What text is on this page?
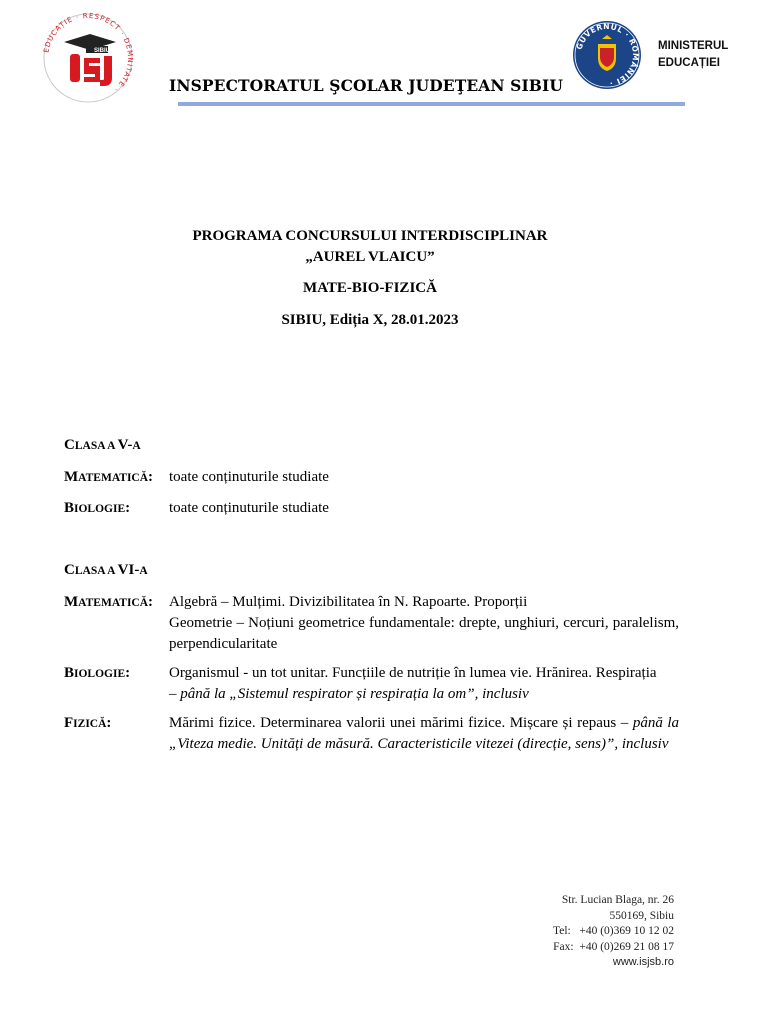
EDUCAȚIE · RESPECT · DEMNITATE ·
SIBIU
GUVERNUL · ROMÂNIEI ·
MINISTERUL
EDUCAȚIEI
INSPECTORATUL ŞCOLAR JUDEŢEAN SIBIU
PROGRAMA CONCURSULUI INTERDISCIPLINAR
„AUREL VLAICU”
MATE-BIO-FIZICĂ
SIBIU, Ediția X, 28.01.2023
CLASA A V-A
MATEMATICĂ: toate conținuturile studiate
BIOLOGIE:	toate conținuturile studiate
CLASA A VI-A
MATEMATICĂ: Algebră – Mulțimi. Divizibilitatea în N. Rapoarte. Proporții
Geometrie – Noțiuni geometrice fundamentale: drepte, unghiuri, cercuri, paralelism, perpendicularitate
BIOLOGIE:	Organismul - un tot unitar. Funcțiile de nutriție în lumea vie. Hrănirea. Respirația
– până la „Sistemul respirator și respirația la om”, inclusiv
FIZICĂ:	Mărimi fizice. Determinarea valorii unei mărimi fizice. Mișcare și repaus – până la „Viteza medie. Unități de măsură. Caracteristicile vitezei (direcție, sens)”, inclusiv
Str. Lucian Blaga, nr. 26
550169, Sibiu
Tel:   +40 (0)369 10 12 02
Fax:  +40 (0)269 21 08 17
www.isjsb.ro
